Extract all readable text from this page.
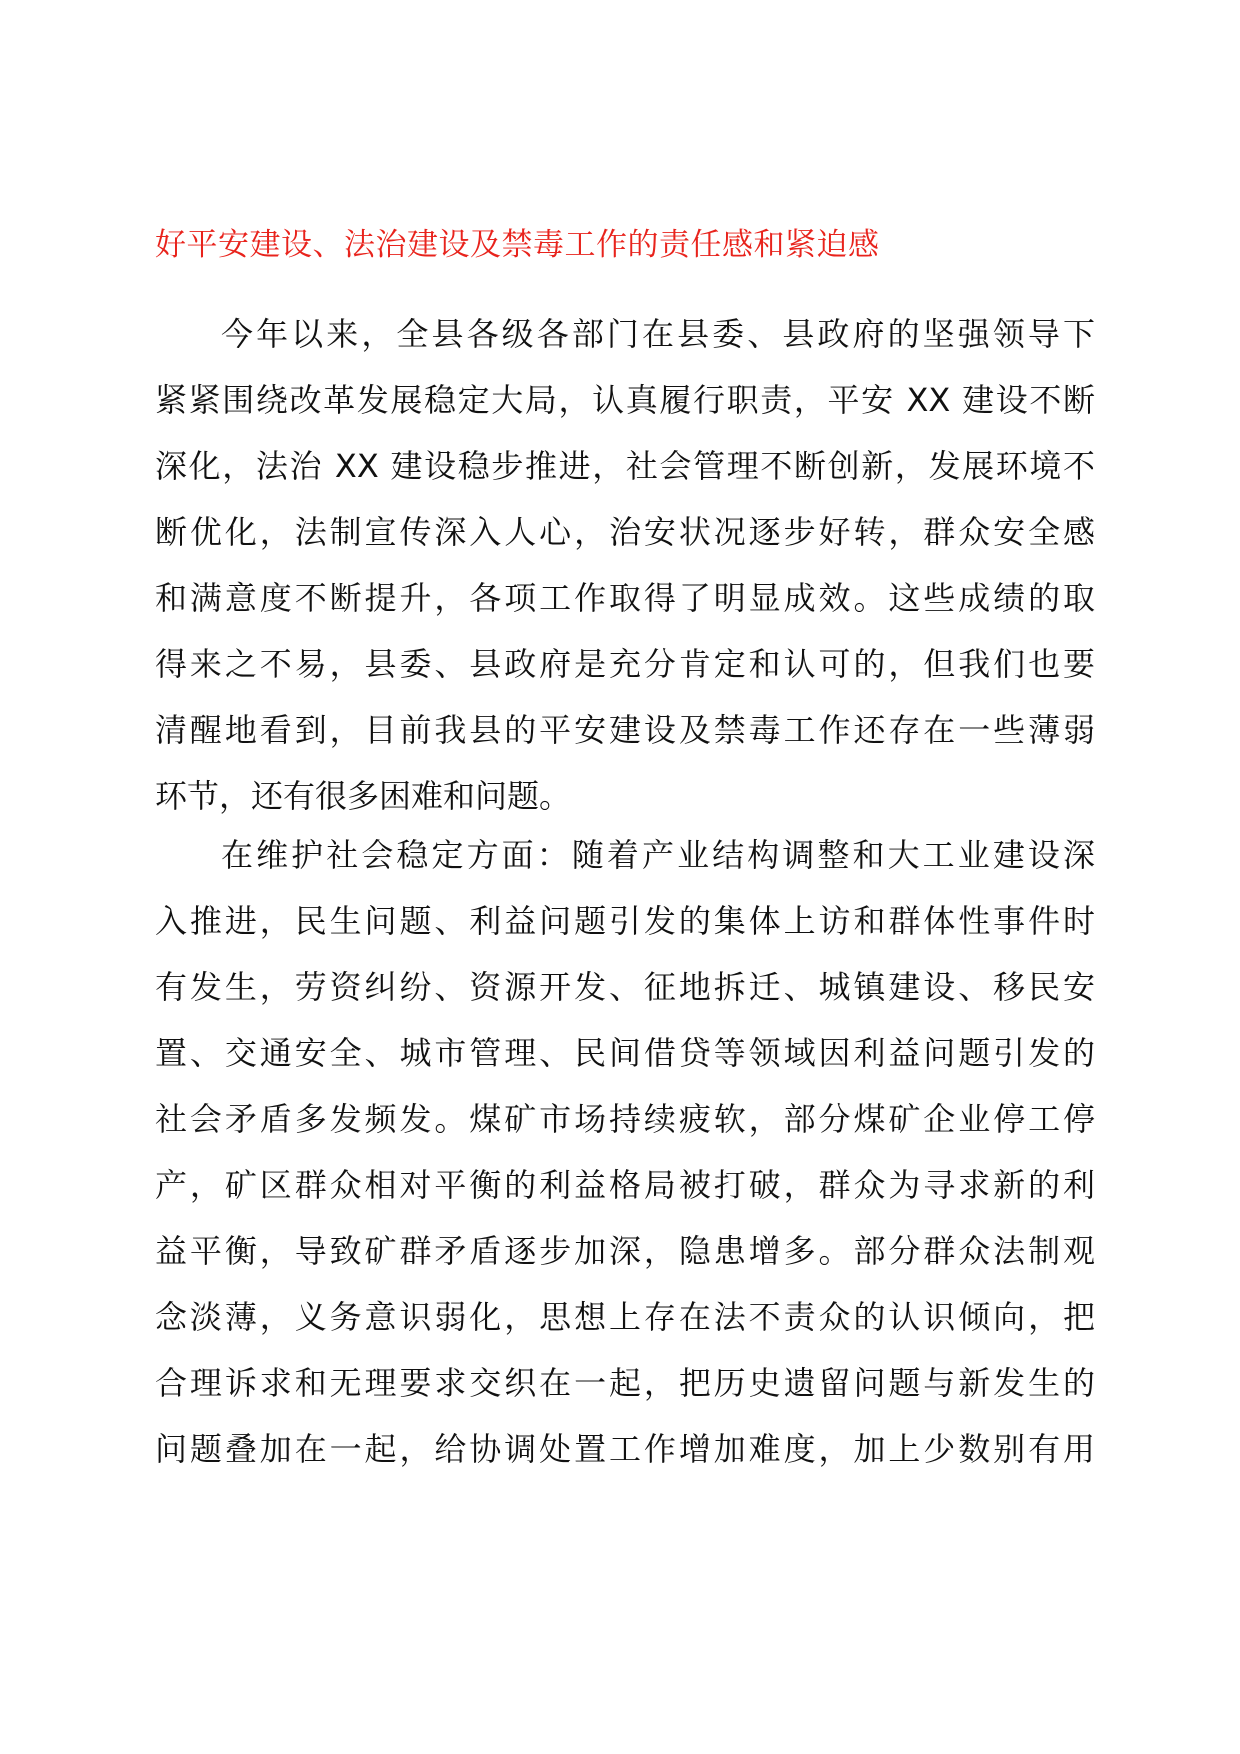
好平安建设、法治建设及禁毒工作的责任感和紧迫感
今年以来，全县各级各部门在县委、县政府的坚强领导下
紧紧围绕改革发展稳定大局，认真履行职责，平安 XX 建设不断
深化，法治 XX 建设稳步推进，社会管理不断创新，发展环境不
断优化，法制宣传深入人心，治安状况逐步好转，群众安全感
和满意度不断提升，各项工作取得了明显成效。这些成绩的取
得来之不易，县委、县政府是充分肯定和认可的，但我们也要
清醒地看到，目前我县的平安建设及禁毒工作还存在一些薄弱
环节，还有很多困难和问题。
在维护社会稳定方面：随着产业结构调整和大工业建设深
入推进，民生问题、利益问题引发的集体上访和群体性事件时
有发生，劳资纠纷、资源开发、征地拆迁、城镇建设、移民安
置、交通安全、城市管理、民间借贷等领域因利益问题引发的
社会矛盾多发频发。煤矿市场持续疲软，部分煤矿企业停工停
产，矿区群众相对平衡的利益格局被打破，群众为寻求新的利
益平衡，导致矿群矛盾逐步加深，隐患增多。部分群众法制观
念淡薄，义务意识弱化，思想上存在法不责众的认识倾向，把
合理诉求和无理要求交织在一起，把历史遗留问题与新发生的
问题叠加在一起，给协调处置工作增加难度，加上少数别有用
